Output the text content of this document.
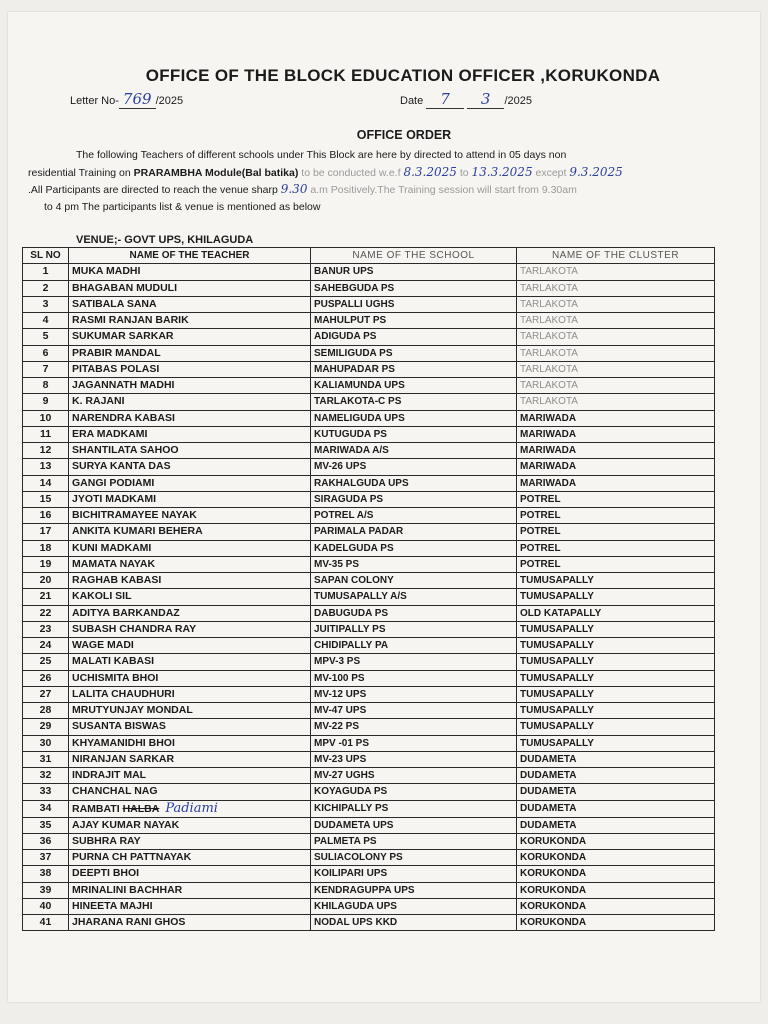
OFFICE OF THE BLOCK EDUCATION OFFICER ,KORUKONDA
Letter No- 769 /2025	Date 7 3 /2025
OFFICE ORDER
The following Teachers of different schools under This Block are here by directed to attend in 05 days non
residential Training on PRARAMBHA Module(Bal batika) to be conducted w.e.f 8.3.2025 to 13.3.2025 except 9.3.2025
.All Participants are directed to reach the venue sharp 9.30 a.m Positively.The Training session will start from 9.30am
to 4 pm The participants list & venue is mentioned as below
VENUE;- GOVT UPS, KHILAGUDA
SL NO	NAME OF THE TEACHER	NAME OF THE SCHOOL	NAME OF THE CLUSTER
1	MUKA MADHI	BANUR UPS	TARLAKOTA
2	BHAGABAN MUDULI	SAHEBGUDA PS	TARLAKOTA
3	SATIBALA SANA	PUSPALLI UGHS	TARLAKOTA
4	RASMI RANJAN BARIK	MAHULPUT PS	TARLAKOTA
5	SUKUMAR SARKAR	ADIGUDA PS	TARLAKOTA
6	PRABIR MANDAL	SEMILIGUDA PS	TARLAKOTA
7	PITABAS POLASI	MAHUPADAR PS	TARLAKOTA
8	JAGANNATH MADHI	KALIAMUNDA UPS	TARLAKOTA
9	K. RAJANI	TARLAKOTA-C PS	TARLAKOTA
10	NARENDRA KABASI	NAMELIGUDA UPS	MARIWADA
11	ERA MADKAMI	KUTUGUDA PS	MARIWADA
12	SHANTILATA SAHOO	MARIWADA A/S	MARIWADA
13	SURYA KANTA DAS	MV-26 UPS	MARIWADA
14	GANGI PODIAMI	RAKHALGUDA UPS	MARIWADA
15	JYOTI MADKAMI	SIRAGUDA PS	POTREL
16	BICHITRAMAYEE NAYAK	POTREL A/S	POTREL
17	ANKITA KUMARI BEHERA	PARIMALA PADAR	POTREL
18	KUNI MADKAMI	KADELGUDA PS	POTREL
19	MAMATA NAYAK	MV-35 PS	POTREL
20	RAGHAB KABASI	SAPAN COLONY	TUMUSAPALLY
21	KAKOLI SIL	TUMUSAPALLY A/S	TUMUSAPALLY
22	ADITYA BARKANDAZ	DABUGUDA PS	OLD KATAPALLY
23	SUBASH CHANDRA RAY	JUITIPALLY PS	TUMUSAPALLY
24	WAGE MADI	CHIDIPALLY PA	TUMUSAPALLY
25	MALATI KABASI	MPV-3 PS	TUMUSAPALLY
26	UCHISMITA BHOI	MV-100 PS	TUMUSAPALLY
27	LALITA CHAUDHURI	MV-12 UPS	TUMUSAPALLY
28	MRUTYUNJAY MONDAL	MV-47 UPS	TUMUSAPALLY
29	SUSANTA BISWAS	MV-22 PS	TUMUSAPALLY
30	KHYAMANIDHI BHOI	MPV -01 PS	TUMUSAPALLY
31	NIRANJAN SARKAR	MV-23 UPS	DUDAMETA
32	INDRAJIT MAL	MV-27 UGHS	DUDAMETA
33	CHANCHAL NAG	KOYAGUDA PS	DUDAMETA
34	RAMBATI HALBA Padiami	KICHIPALLY PS	DUDAMETA
35	AJAY KUMAR NAYAK	DUDAMETA UPS	DUDAMETA
36	SUBHRA RAY	PALMETA PS	KORUKONDA
37	PURNA CH PATTNAYAK	SULIACOLONY PS	KORUKONDA
38	DEEPTI BHOI	KOILIPARI UPS	KORUKONDA
39	MRINALINI BACHHAR	KENDRAGUPPA UPS	KORUKONDA
40	HINEETA MAJHI	KHILAGUDA UPS	KORUKONDA
41	JHARANA RANI GHOS	NODAL UPS KKD	KORUKONDA
